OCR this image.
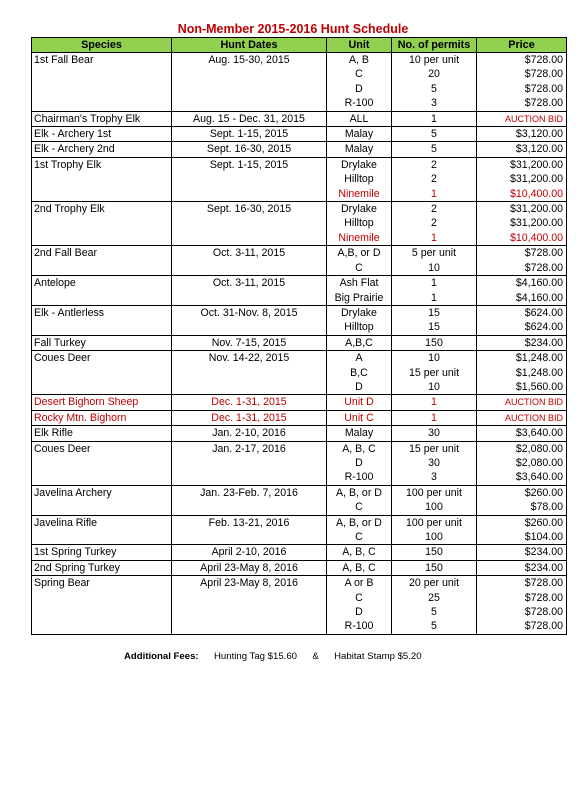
Non-Member 2015-2016 Hunt Schedule
Species	Hunt Dates	Unit	No. of permits	Price
1st Fall Bear	Aug. 15-30, 2015	A, B	10 per unit	$728.00
		C	20	$728.00
		D	5	$728.00
		R-100	3	$728.00
Chairman's Trophy Elk	Aug. 15 - Dec. 31, 2015	ALL	1	AUCTION BID
Elk - Archery 1st	Sept. 1-15, 2015	Malay	5	$3,120.00
Elk - Archery 2nd	Sept. 16-30, 2015	Malay	5	$3,120.00
1st Trophy Elk	Sept. 1-15, 2015	Drylake	2	$31,200.00
		Hilltop	2	$31,200.00
		Ninemile	1	$10,400.00
2nd Trophy Elk	Sept. 16-30, 2015	Drylake	2	$31,200.00
		Hilltop	2	$31,200.00
		Ninemile	1	$10,400.00
2nd Fall Bear	Oct. 3-11, 2015	A,B, or D	5 per unit	$728.00
		C	10	$728.00
Antelope	Oct. 3-11, 2015	Ash Flat	1	$4,160.00
		Big Prairie	1	$4,160.00
Elk - Antlerless	Oct. 31-Nov. 8, 2015	Drylake	15	$624.00
		Hilltop	15	$624.00
Fall Turkey	Nov. 7-15, 2015	A,B,C	150	$234.00
Coues Deer	Nov. 14-22, 2015	A	10	$1,248.00
		B,C	15 per unit	$1,248.00
		D	10	$1,560.00
Desert Bighorn Sheep	Dec. 1-31, 2015	Unit D	1	AUCTION BID
Rocky Mtn. Bighorn	Dec. 1-31, 2015	Unit C	1	AUCTION BID
Elk Rifle	Jan. 2-10, 2016	Malay	30	$3,640.00
Coues Deer	Jan. 2-17, 2016	A, B, C	15 per unit	$2,080.00
		D	30	$2,080.00
		R-100	3	$3,640.00
Javelina Archery	Jan. 23-Feb. 7, 2016	A, B, or D	100 per unit	$260.00
		C	100	$78.00
Javelina Rifle	Feb. 13-21, 2016	A, B, or D	100 per unit	$260.00
		C	100	$104.00
1st Spring Turkey	April 2-10, 2016	A, B, C	150	$234.00
2nd Spring Turkey	April 23-May 8, 2016	A, B, C	150	$234.00
Spring Bear	April 23-May 8, 2016	A or B	20 per unit	$728.00
		C	25	$728.00
		D	5	$728.00
		R-100	5	$728.00
Additional Fees: Hunting Tag $15.60 & Habitat Stamp $5.20
